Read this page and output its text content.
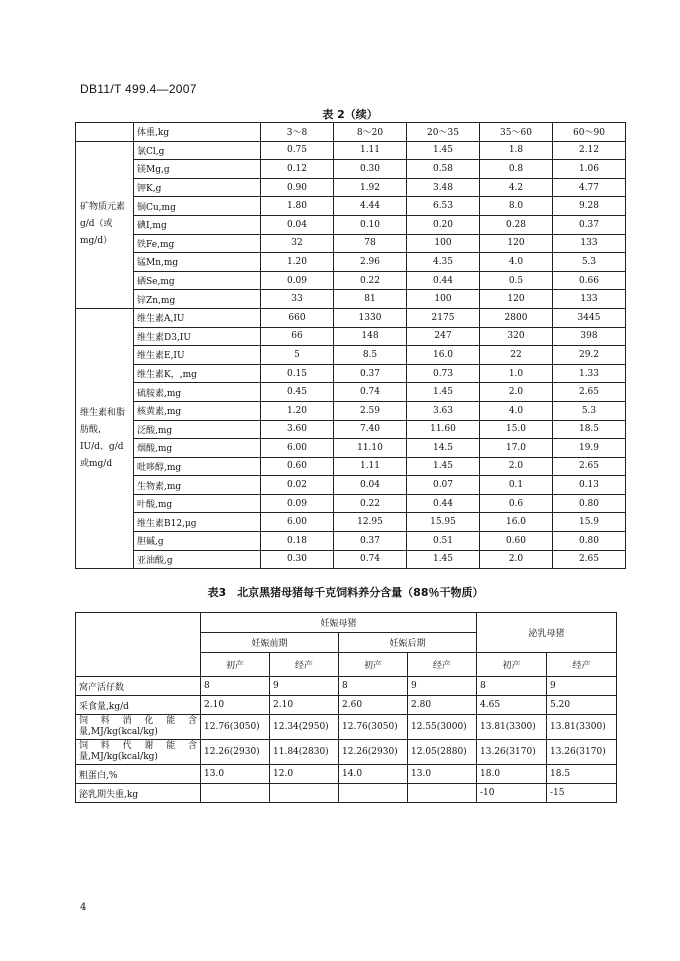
DB11/T 499.4—2007
表 2（续）
	体重,kg	3～8	8～20	20～35	35～60	60～90
矿物质元素g/d（或mg/d）	氯Cl,g	0.75	1.11	1.45	1.8	2.12
	镁Mg,g	0.12	0.30	0.58	0.8	1.06
	钾K,g	0.90	1.92	3.48	4.2	4.77
	铜Cu,mg	1.80	4.44	6.53	8.0	9.28
	碘I,mg	0.04	0.10	0.20	0.28	0.37
	铁Fe,mg	32	78	100	120	133
	锰Mn,mg	1.20	2.96	4.35	4.0	5.3
	硒Se,mg	0.09	0.22	0.44	0.5	0.66
	锌Zn,mg	33	81	100	120	133
维生素和脂肪酸，IU/d、g/d或mg/d	维生素A,IU	660	1330	2175	2800	3445
	维生素D3,IU	66	148	247	320	398
	维生素E,IU	5	8.5	16.0	22	29.2
	维生素K，,mg	0.15	0.37	0.73	1.0	1.33
	硫胺素,mg	0.45	0.74	1.45	2.0	2.65
	核黄素,mg	1.20	2.59	3.63	4.0	5.3
	泛酸,mg	3.60	7.40	11.60	15.0	18.5
	烟酸,mg	6.00	11.10	14.5	17.0	19.9
	吡哆醇,mg	0.60	1.11	1.45	2.0	2.65
	生物素,mg	0.02	0.04	0.07	0.1	0.13
	叶酸,mg	0.09	0.22	0.44	0.6	0.80
	维生素B12,μg	6.00	12.95	15.95	16.0	15.9
	胆碱,g	0.18	0.37	0.51	0.60	0.80
	亚油酸,g	0.30	0.74	1.45	2.0	2.65
表3　北京黑猪母猪每千克饲料养分含量（88％干物质）
	妊娠母猪				泌乳母猪	
	妊娠前期		妊娠后期			
	初产	经产	初产	经产	初产	经产
窝产活仔数	8	9	8	9	8	9
采食量,kg/d	2.10	2.10	2.60	2.80	4.65	5.20
饲料消化能含量,MJ/kg(kcal/kg)	12.76(3050)	12.34(2950)	12.76(3050)	12.55(3000)	13.81(3300)	13.81(3300)
饲料代谢能含量,MJ/kg(kcal/kg)	12.26(2930)	11.84(2830)	12.26(2930)	12.05(2880)	13.26(3170)	13.26(3170)
粗蛋白,%	13.0	12.0	14.0	13.0	18.0	18.5
泌乳期失重,kg					-10	-15
4
